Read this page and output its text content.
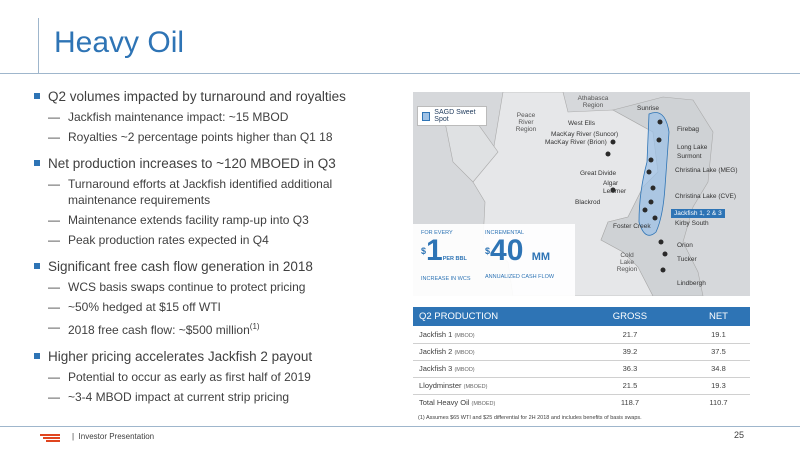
Heavy Oil
Q2 volumes impacted by turnaround and royalties
— Jackfish maintenance impact: ~15 MBOD
— Royalties ~2 percentage points higher than Q1 18
Net production increases to ~120 MBOED in Q3
— Turnaround efforts at Jackfish identified additional maintenance requirements
— Maintenance extends facility ramp-up into Q3
— Peak production rates expected in Q4
Significant free cash flow generation in 2018
— WCS basis swaps continue to protect pricing
— ~50% hedged at $15 off WTI
— 2018 free cash flow: ~$500 million$^{(1)}$
Higher pricing accelerates Jackfish 2 payout
— Potential to occur as early as first half of 2019
— ~3-4 MBOD impact at current strip pricing
SAGD Sweet Spot
Athabasca Region
Peace River Region
Cold Lake Region
Sunrise
West Ells
MacKay River (Suncor)
MacKay River (Brion)
Firebag
Long Lake
Surmont
Great Divide
Algar
Leismer
Christina Lake (MEG)
Christina Lake (CVE)
Blackrod
Kirby South
Foster Creek
Orion
Tucker
Lindbergh
Jackfish 1, 2 & 3
FOR EVERY
$1PER BBL
INCREASE IN WCS
INCREMENTAL
$40 MM
ANNUALIZED CASH FLOW
Q2 PRODUCTION	GROSS	NET
Jackfish 1 (MBOD)	21.7	19.1
Jackfish 2 (MBOD)	39.2	37.5
Jackfish 3 (MBOD)	36.3	34.8
Lloydminster (MBOED)	21.5	19.3
Total Heavy Oil (MBOED)	118.7	110.7
(1) Assumes $65 WTI and $25 differential for 2H 2018 and includes benefits of basis swaps.
| Investor Presentation	25
